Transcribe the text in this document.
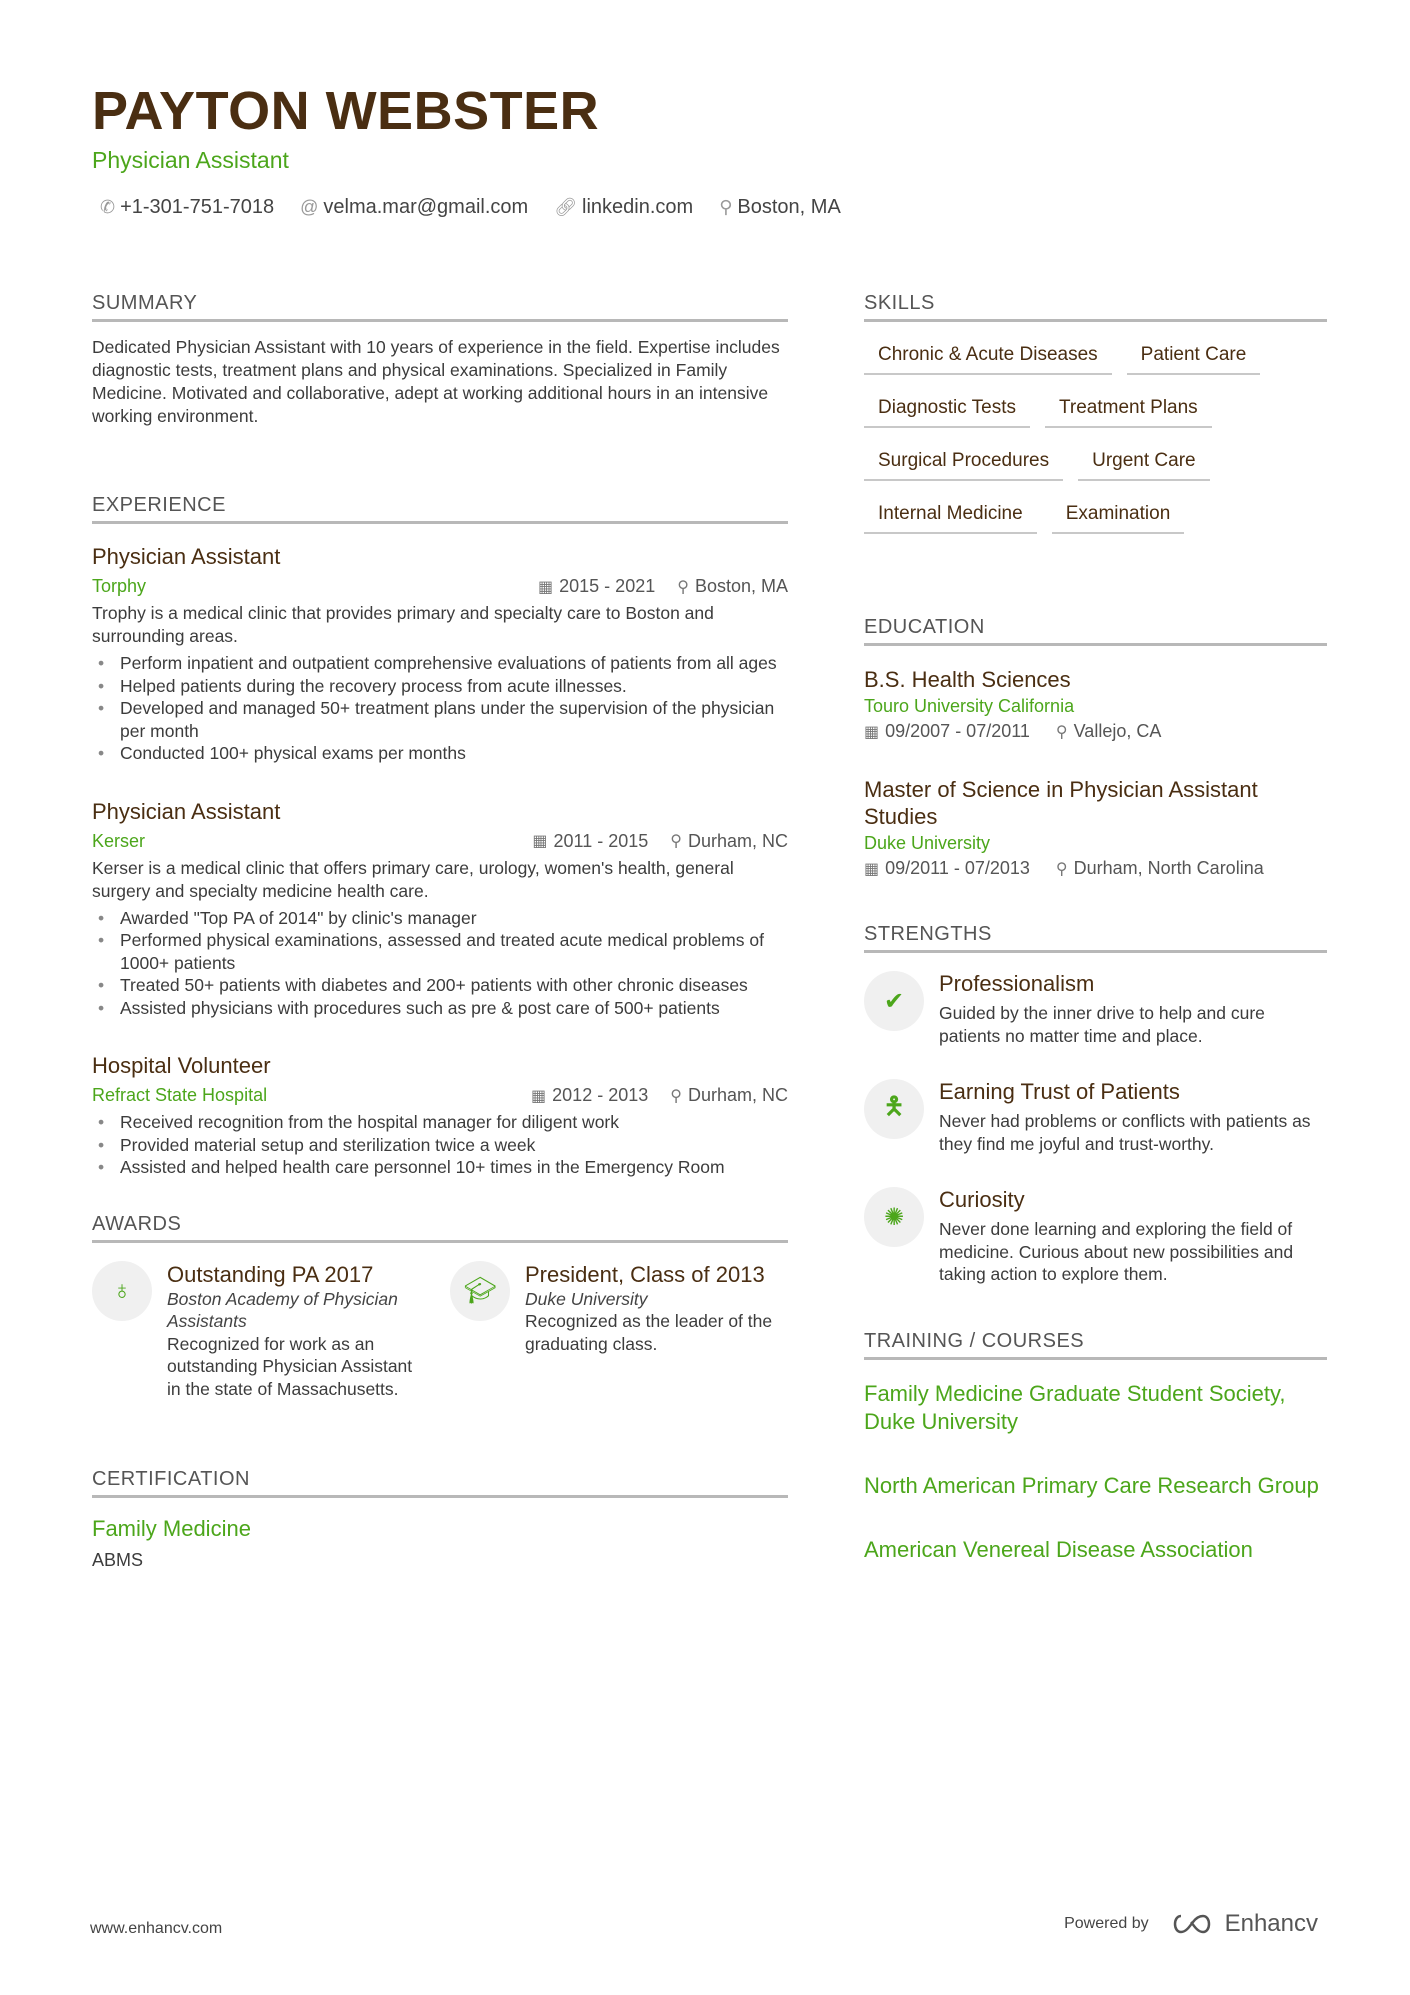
PAYTON WEBSTER
Physician Assistant
✆ +1-301-751-7018 @ velma.mar@gmail.com 🔗︎ linkedin.com ⚲ Boston, MA
SUMMARY
Dedicated Physician Assistant with 10 years of experience in the field. Expertise includes diagnostic tests, treatment plans and physical examinations. Specialized in Family Medicine. Motivated and collaborative, adept at working additional hours in an intensive working environment.
EXPERIENCE
Physician Assistant
Torphy	▦ 2015 - 2021 ⚲ Boston, MA
Trophy is a medical clinic that provides primary and specialty care to Boston and surrounding areas.
• Perform inpatient and outpatient comprehensive evaluations of patients from all ages
• Helped patients during the recovery process from acute illnesses.
• Developed and managed 50+ treatment plans under the supervision of the physician per month
• Conducted 100+ physical exams per months
Physician Assistant
Kerser	▦ 2011 - 2015 ⚲ Durham, NC
Kerser is a medical clinic that offers primary care, urology, women's health, general surgery and specialty medicine health care.
• Awarded "Top PA of 2014" by clinic's manager
• Performed physical examinations, assessed and treated acute medical problems of 1000+ patients
• Treated 50+ patients with diabetes and 200+ patients with other chronic diseases
• Assisted physicians with procedures such as pre & post care of 500+ patients
Hospital Volunteer
Refract State Hospital	▦ 2012 - 2013 ⚲ Durham, NC
• Received recognition from the hospital manager for diligent work
• Provided material setup and sterilization twice a week
• Assisted and helped health care personnel 10+ times in the Emergency Room
AWARDS
♁
Outstanding PA 2017
Boston Academy of Physician Assistants
Recognized for work as an outstanding Physician Assistant in the state of Massachusetts.
🎓︎
President, Class of 2013
Duke University
Recognized as the leader of the graduating class.
CERTIFICATION
Family Medicine
ABMS
SKILLS
Chronic & Acute Diseases	Patient Care
Diagnostic Tests	Treatment Plans
Surgical Procedures	Urgent Care
Internal Medicine	Examination
EDUCATION
B.S. Health Sciences
Touro University California
▦ 09/2007 - 07/2011 ⚲ Vallejo, CA
Master of Science in Physician Assistant Studies
Duke University
▦ 09/2011 - 07/2013 ⚲ Durham, North Carolina
STRENGTHS
✔
Professionalism
Guided by the inner drive to help and cure patients no matter time and place.
🯅
Earning Trust of Patients
Never had problems or conflicts with patients as they find me joyful and trust-worthy.
✺
Curiosity
Never done learning and exploring the field of medicine. Curious about new possibilities and taking action to explore them.
TRAINING / COURSES
Family Medicine Graduate Student Society, Duke University
North American Primary Care Research Group
American Venereal Disease Association
www.enhancv.com	Powered by	Enhancv
